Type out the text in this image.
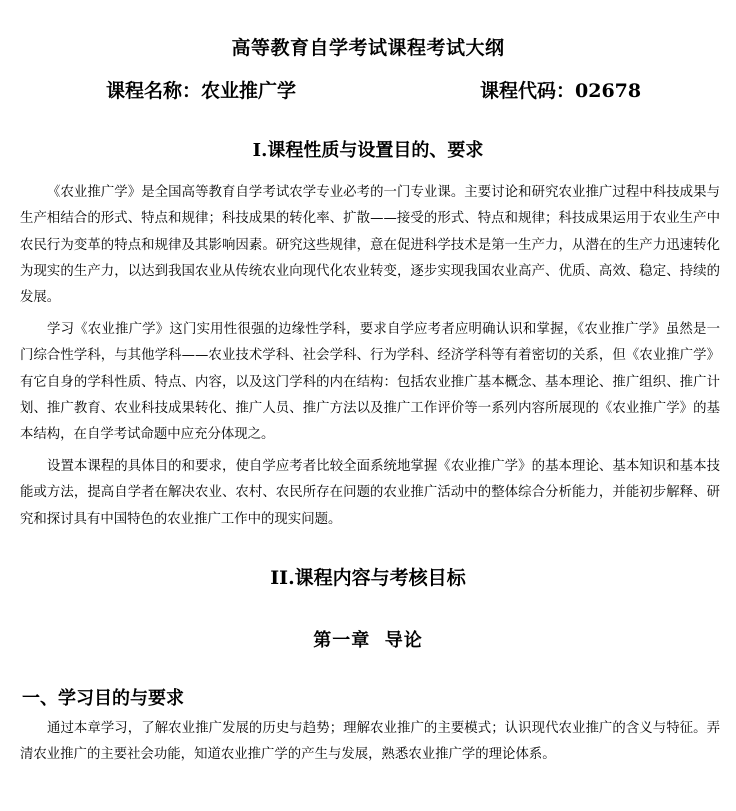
高等教育自学考试课程考试大纲
课程名称：农业推广学	课程代码：02678
I.课程性质与设置目的、要求

《农业推广学》是全国高等教育自学考试农学专业必考的一门专业课。主要讨论和研究农业推广过程中科技成果与生产相结合的形式、特点和规律；科技成果的转化率、扩散——接受的形式、特点和规律；科技成果运用于农业生产中农民行为变革的特点和规律及其影响因素。研究这些规律，意在促进科学技术是第一生产力，从潜在的生产力迅速转化为现实的生产力，以达到我国农业从传统农业向现代化农业转变，逐步实现我国农业高产、优质、高效、稳定、持续的发展。

学习《农业推广学》这门实用性很强的边缘性学科，要求自学应考者应明确认识和掌握，《农业推广学》虽然是一门综合性学科，与其他学科——农业技术学科、社会学科、行为学科、经济学科等有着密切的关系，但《农业推广学》有它自身的学科性质、特点、内容，以及这门学科的内在结构：包括农业推广基本概念、基本理论、推广组织、推广计划、推广教育、农业科技成果转化、推广人员、推广方法以及推广工作评价等一系列内容所展现的《农业推广学》的基本结构，在自学考试命题中应充分体现之。

设置本课程的具体目的和要求，使自学应考者比较全面系统地掌握《农业推广学》的基本理论、基本知识和基本技能或方法，提高自学者在解决农业、农村、农民所存在问题的农业推广活动中的整体综合分析能力，并能初步解释、研究和探讨具有中国特色的农业推广工作中的现实问题。

II.课程内容与考核目标
第一章  导论
一、学习目的与要求

通过本章学习，了解农业推广发展的历史与趋势；理解农业推广的主要模式；认识现代农业推广的含义与特征。弄清农业推广的主要社会功能，知道农业推广学的产生与发展，熟悉农业推广学的理论体系。
